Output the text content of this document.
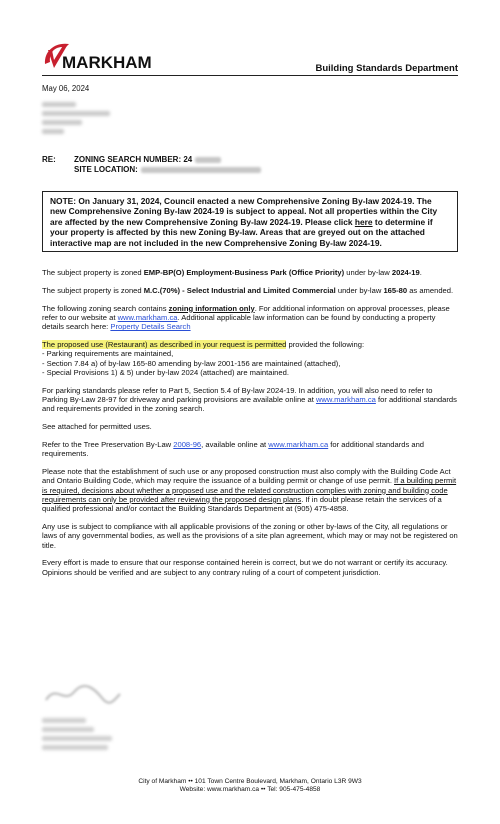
MARKHAM	Building Standards Department
May 06, 2024
RE: ZONING SEARCH NUMBER: 24
SITE LOCATION:
NOTE: On January 31, 2024, Council enacted a new Comprehensive Zoning By-law 2024-19. The new Comprehensive Zoning By-law 2024-19 is subject to appeal. Not all properties within the City are affected by the new Comprehensive Zoning By-law 2024-19. Please click here to determine if your property is affected by this new Zoning By-law. Areas that are greyed out on the attached interactive map are not included in the new Comprehensive Zoning By-law 2024-19.

The subject property is zoned EMP-BP(O) Employment-Business Park (Office Priority) under by-law 2024-19.

The subject property is zoned M.C.(70%) - Select Industrial and Limited Commercial under by-law 165-80 as amended.

The following zoning search contains zoning information only. For additional information on approval processes, please refer to our website at www.markham.ca. Additional applicable law information can be found by conducting a property details search here: Property Details Search

The proposed use (Restaurant) as described in your request is permitted provided the following:
- Parking requirements are maintained,
- Section 7.84 a) of by-law 165-80 amending by-law 2001-156 are maintained (attached),
- Special Provisions 1) & 5) under by-law 2024 (attached) are maintained.

For parking standards please refer to Part 5, Section 5.4 of By-law 2024-19. In addition, you will also need to refer to Parking By-Law 28-97 for driveway and parking provisions are available online at www.markham.ca for additional standards and requirements provided in the zoning search.

See attached for permitted uses.

Refer to the Tree Preservation By-Law 2008-96, available online at www.markham.ca for additional standards and requirements.

Please note that the establishment of such use or any proposed construction must also comply with the Building Code Act and Ontario Building Code, which may require the issuance of a building permit or change of use permit. If a building permit is required, decisions about whether a proposed use and the related construction complies with zoning and building code requirements can only be provided after reviewing the proposed design plans. If in doubt please retain the services of a qualified professional and/or contact the Building Standards Department at (905) 475-4858.

Any use is subject to compliance with all applicable provisions of the zoning or other by-laws of the City, all regulations or laws of any governmental bodies, as well as the provisions of a site plan agreement, which may or may not be registered on title.

Every effort is made to ensure that our response contained herein is correct, but we do not warrant or certify its accuracy. Opinions should be verified and are subject to any contrary ruling of a court of competent jurisdiction.

City of Markham •• 101 Town Centre Boulevard, Markham, Ontario L3R 9W3
Website: www.markham.ca •• Tel: 905-475-4858
